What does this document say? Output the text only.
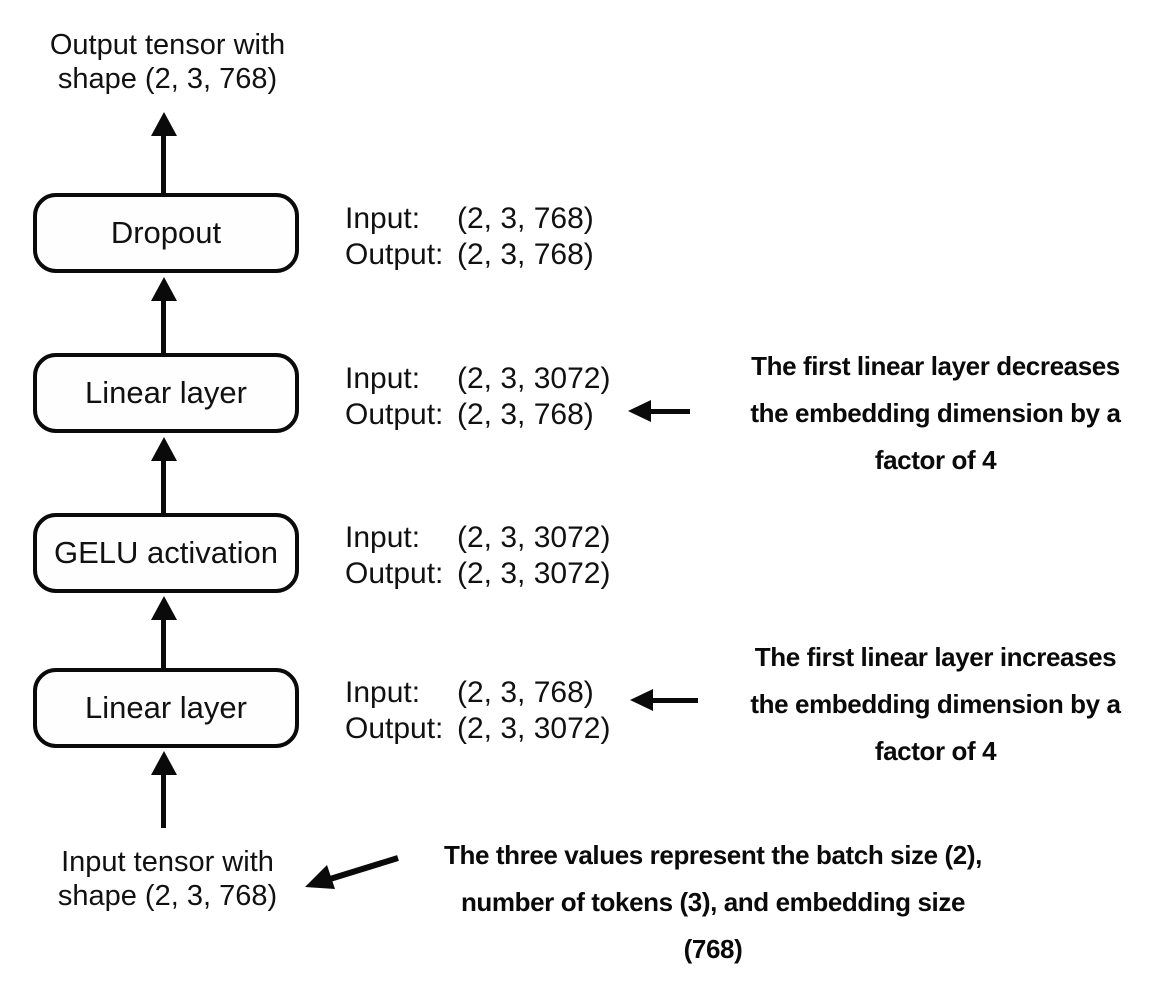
Output tensor with
shape (2, 3, 768)
Dropout
Linear layer
GELU activation
Linear layer
Input tensor with
shape (2, 3, 768)
Input:	(2, 3, 768)
Output: (2, 3, 768)
Input:	(2, 3, 3072)
Output: (2, 3, 768)
Input:	(2, 3, 3072)
Output: (2, 3, 3072)
Input:	(2, 3, 768)
Output: (2, 3, 3072)
The first linear layer decreases
the embedding dimension by a
factor of 4
The first linear layer increases
the embedding dimension by a
factor of 4
The three values represent the batch size (2),
number of tokens (3), and embedding size
(768)
